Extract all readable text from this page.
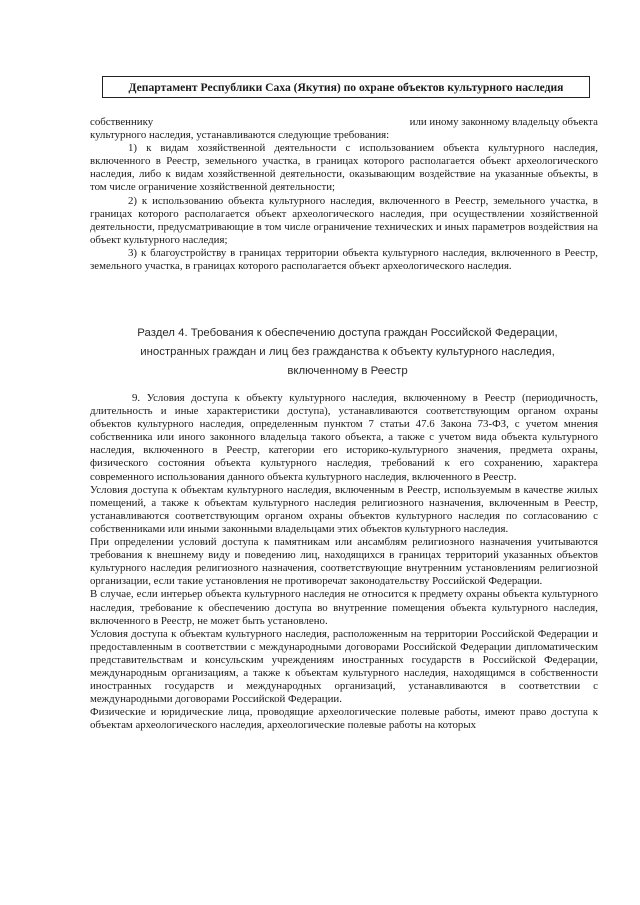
Департамент Республики Саха (Якутия) по охране объектов культурного наследия

собственнику	или иному законному владельцу объекта

культурного наследия, устанавливаются следующие требования:

1) к видам хозяйственной деятельности с использованием объекта культурного наследия, включенного в Реестр, земельного участка, в границах которого располагается объект археологического наследия, либо к видам хозяйственной деятельности, оказывающим воздействие на указанные объекты, в том числе ограничение хозяйственной деятельности;

2) к использованию объекта культурного наследия, включенного в Реестр, земельного участка, в границах которого располагается объект археологического наследия, при осуществлении хозяйственной деятельности, предусматривающие в том числе ограничение технических и иных параметров воздействия на объект культурного наследия;

3) к благоустройству в границах территории объекта культурного наследия, включенного в Реестр, земельного участка, в границах которого располагается объект археологического наследия.

Раздел 4. Требования к обеспечению доступа граждан Российской Федерации,

иностранных граждан и лиц без гражданства к объекту культурного наследия,

включенному в Реестр

9. Условия доступа к объекту культурного наследия, включенному в Реестр (периодичность, длительность и иные характеристики доступа), устанавливаются соответствующим органом охраны объектов культурного наследия, определенным пунктом 7 статьи 47.6 Закона 73-ФЗ, с учетом мнения собственника или иного законного владельца такого объекта, а также с учетом вида объекта культурного наследия, включенного в Реестр, категории его историко-культурного значения, предмета охраны, физического состояния объекта культурного наследия, требований к его сохранению, характера современного использования данного объекта культурного наследия, включенного в Реестр.

Условия доступа к объектам культурного наследия, включенным в Реестр, используемым в качестве жилых помещений, а также к объектам культурного наследия религиозного назначения, включенным в Реестр, устанавливаются соответствующим органом охраны объектов культурного наследия по согласованию с собственниками или иными законными владельцами этих объектов культурного наследия.

При определении условий доступа к памятникам или ансамблям религиозного назначения учитываются требования к внешнему виду и поведению лиц, находящихся в границах территорий указанных объектов культурного наследия религиозного назначения, соответствующие внутренним установлениям религиозной организации, если такие установления не противоречат законодательству Российской Федерации.

В случае, если интерьер объекта культурного наследия не относится к предмету охраны объекта культурного наследия, требование к обеспечению доступа во внутренние помещения объекта культурного наследия, включенного в Реестр, не может быть установлено.

Условия доступа к объектам культурного наследия, расположенным на территории Российской Федерации и предоставленным в соответствии с международными договорами Российской Федерации дипломатическим представительствам и консульским учреждениям иностранных государств в Российской Федерации, международным организациям, а также к объектам культурного наследия, находящимся в собственности иностранных государств и международных организаций, устанавливаются в соответствии с международными договорами Российской Федерации.

Физические и юридические лица, проводящие археологические полевые работы, имеют право доступа к объектам археологического наследия, археологические полевые работы на которых
